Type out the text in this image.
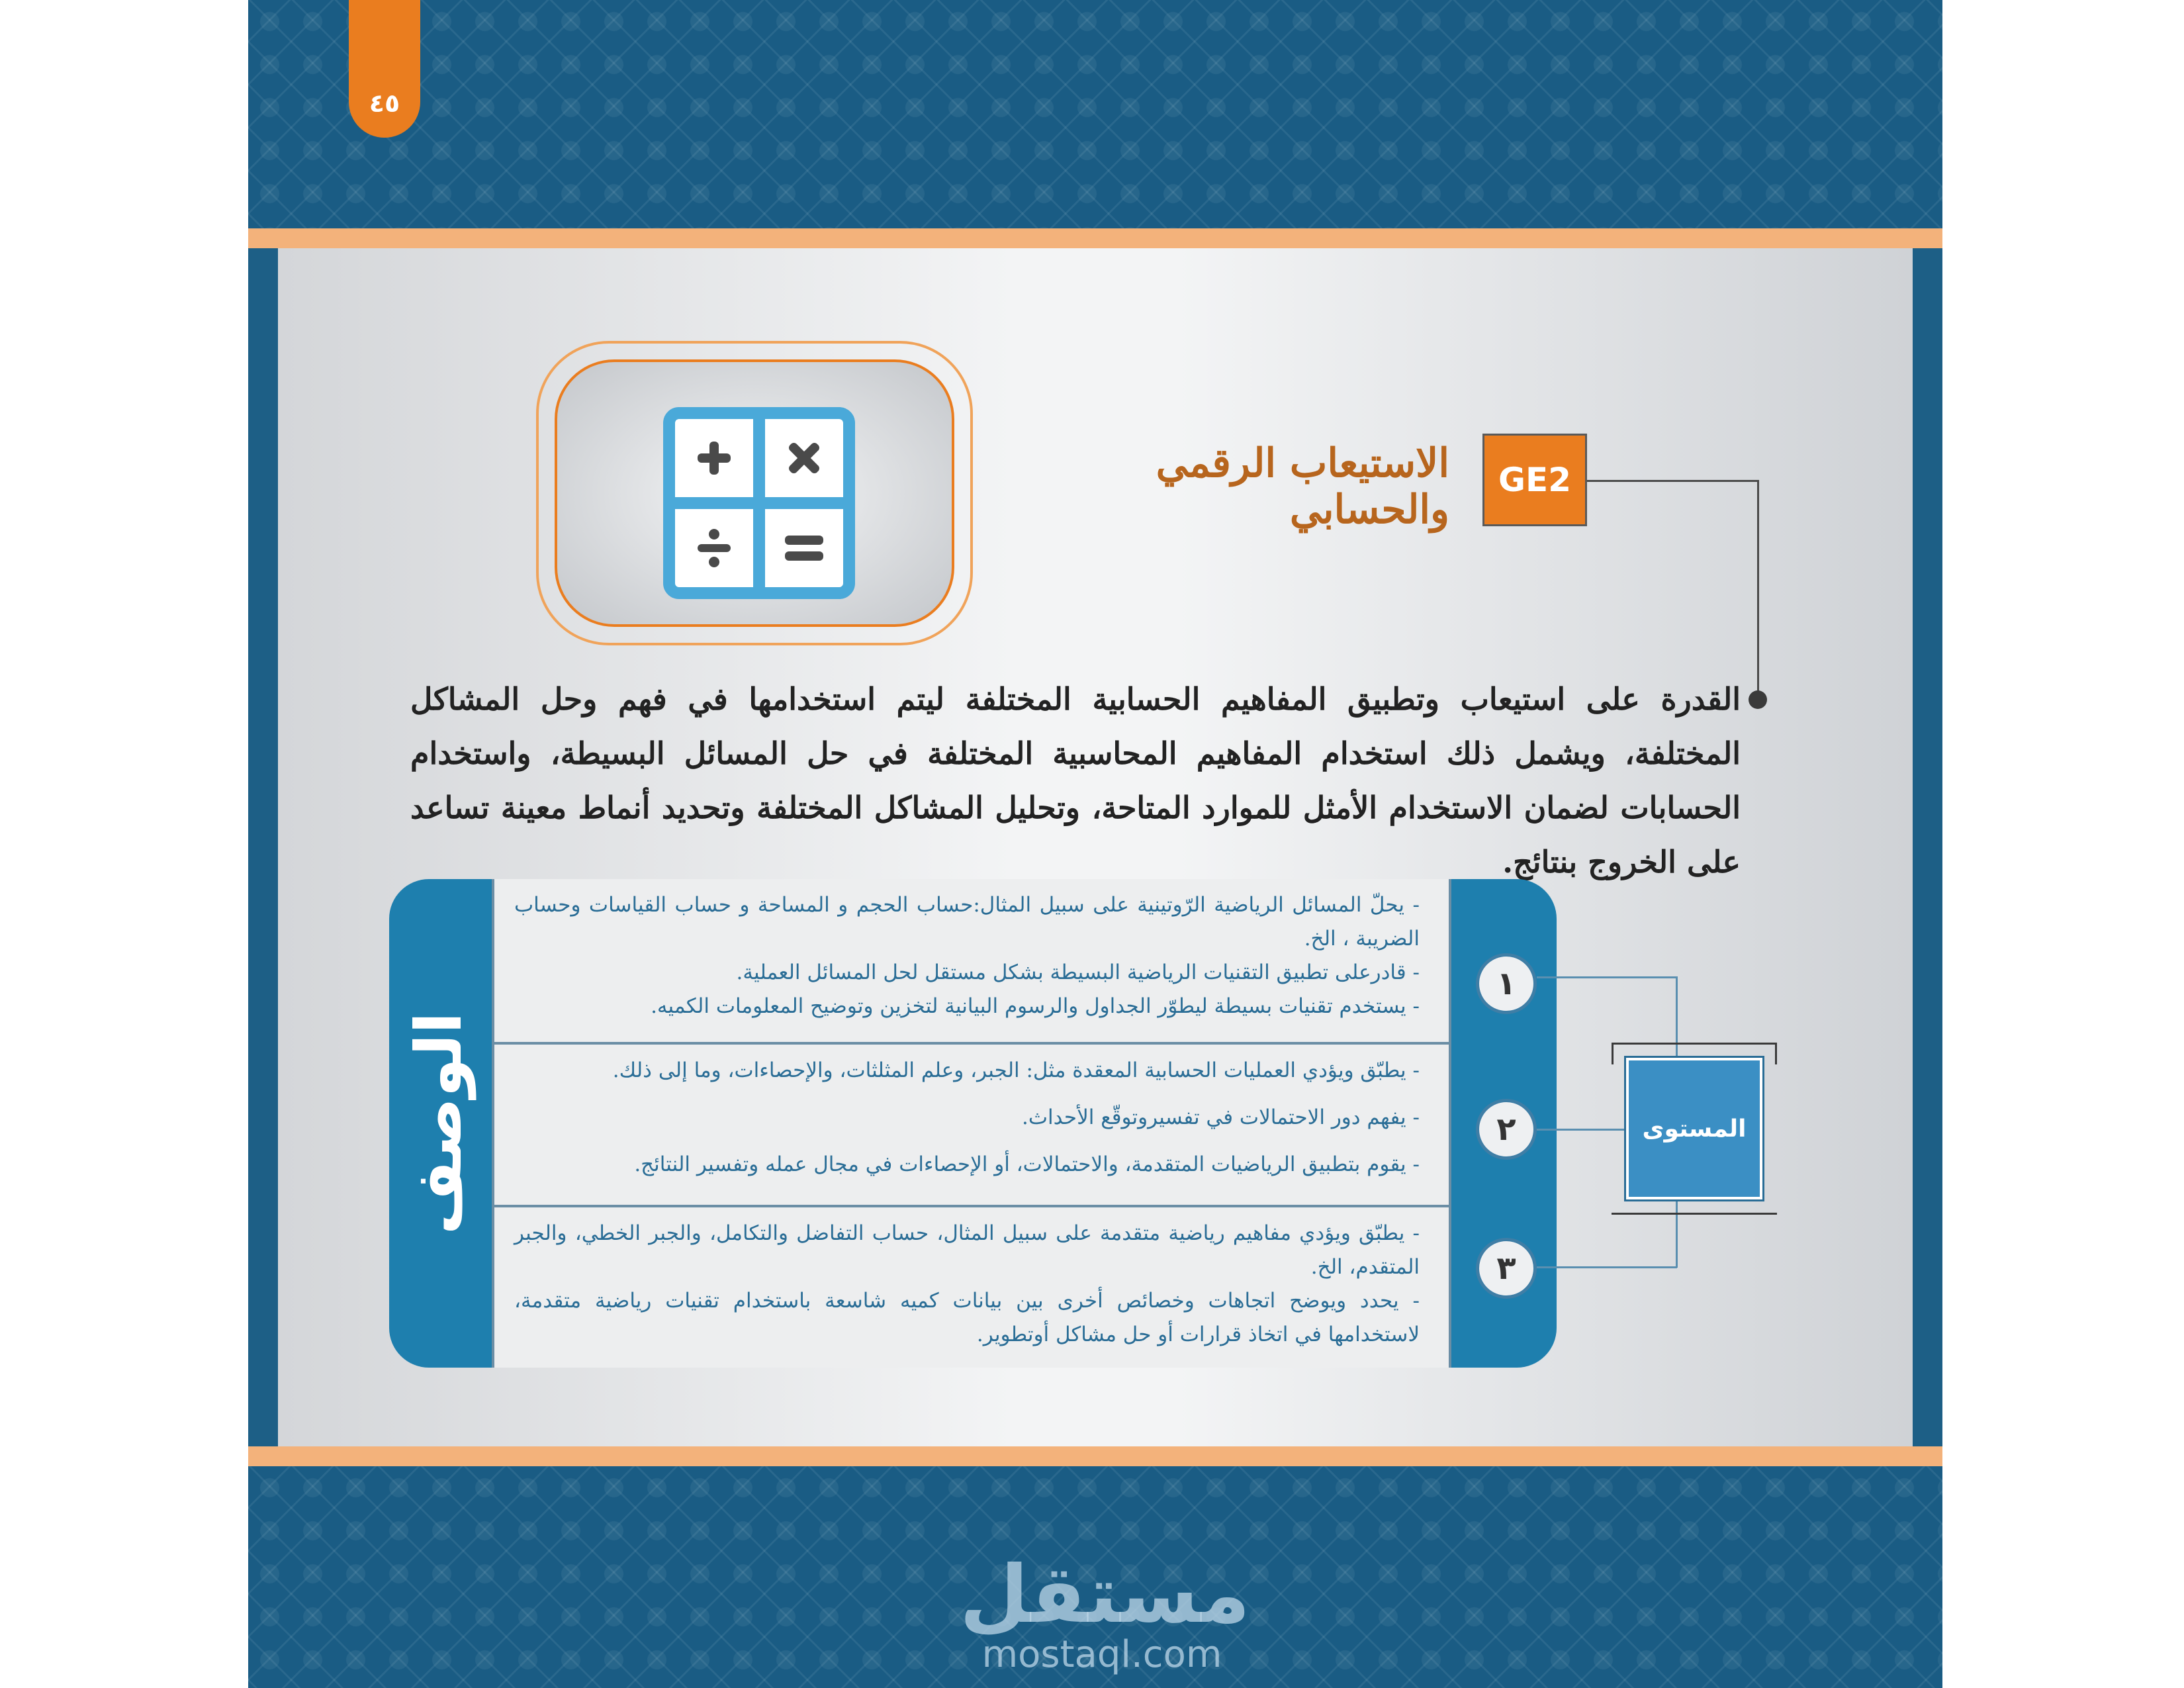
٤٥
الاستيعاب الرقمي والحسابي
GE2
القدرة على استيعاب وتطبيق المفاهيم الحسابية المختلفة ليتم استخدامها في فهم وحل المشاكل المختلفة، ويشمل ذلك استخدام المفاهيم المحاسبية المختلفة في حل المسائل البسيطة، واستخدام الحسابات لضمان الاستخدام الأمثل للموارد المتاحة، وتحليل المشاكل المختلفة وتحديد أنماط معينة تساعد على الخروج بنتائج.
الوصف

- يحلّ المسائل الرياضية الرّوتينية على سبيل المثال:حساب الحجم و المساحة و حساب القياسات وحساب الضريبة ، الخ.

- قادرعلى تطبيق التقنيات الرياضية البسيطة بشكل مستقل لحل المسائل العملية.

- يستخدم تقنيات بسيطة ليطوّر الجداول والرسوم البيانية لتخزين وتوضيح المعلومات الكميه.

- يطبّق ويؤدي العمليات الحسابية المعقدة مثل: الجبر، وعلم المثلثات، والإحصاءات، وما إلى ذلك.

- يفهم دور الاحتمالات في تفسيروتوقّع الأحداث.

- يقوم بتطبيق الرياضيات المتقدمة، والاحتمالات، أو الإحصاءات في مجال عمله وتفسير النتائج.

- يطبّق ويؤدي مفاهيم رياضية متقدمة على سبيل المثال، حساب التفاضل والتكامل، والجبر الخطي، والجبر المتقدم، الخ.

- يحدد ويوضح اتجاهات وخصائص أخرى بين بيانات كميه شاسعة باستخدام تقنيات رياضية متقدمة، لاستخدامها في اتخاذ قرارات أو حل مشاكل أوتطوير.

١
٢
٣
المستوى
مستقل
mostaql.com
